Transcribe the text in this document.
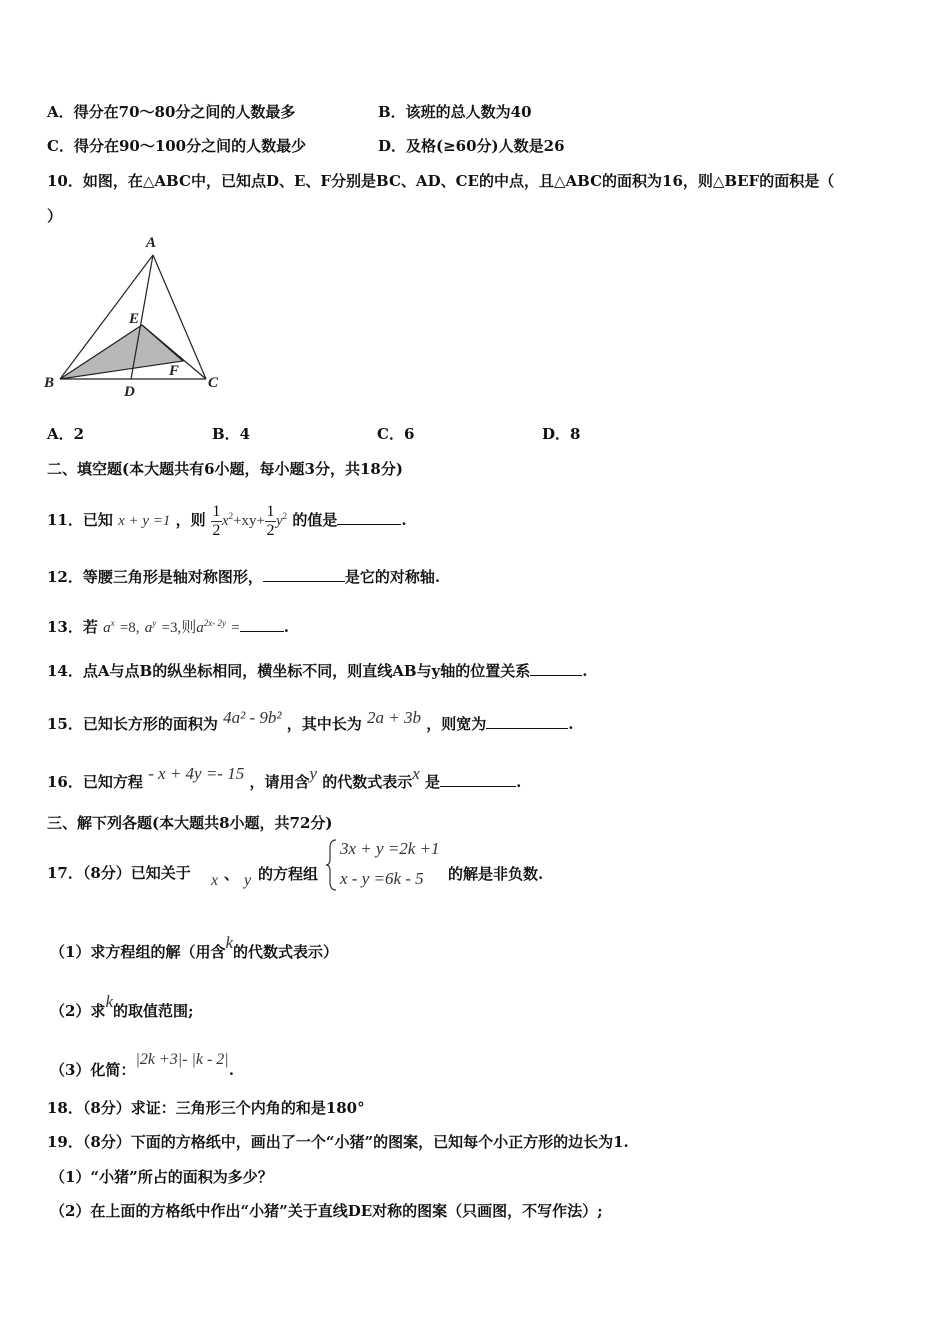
A．得分在70～80分之间的人数最多	B．该班的总人数为40
C．得分在90～100分之间的人数最少	D．及格(≥60分)人数是26
10．如图，在△ABC中，已知点D、E、F分别是BC、AD、CE的中点，且△ABC的面积为16，则△BEF的面积是（
）
A
B	C
D
E
F
A．2	B．4	C．6	D．8
二、填空题(本大题共有6小题，每小题3分，共18分)
11．已知 x + y =1 ，则 $\frac{1}{2} x^2+xy+ \frac{1}{2} y^2$ 的值是	.
12．等腰三角形是轴对称图形，	是它的对称轴.
13．若 $a^x =8$, $a^y =3$,则$a^{2x- 2y}$ =	.
14．点A与点B的纵坐标相同，横坐标不同，则直线AB与y轴的位置关系	.
15．已知长方形的面积为 4a² - 9b² ，其中长为 2a + 3b ，则宽为	.
16．已知方程 - x + 4y =- 15 ，请用含y 的代数式表示x 是	.
三、解下列各题(本大题共8小题，共72分)
17．（8分）已知关于 x 、 y 的方程组
3x + y =2k +1
x - y =6k - 5 的解是非负数.
（1）求方程组的解（用含k的代数式表示）
（2）求k的取值范围;
（3）化简：|2k +3|- |k - 2|.
18．（8分）求证：三角形三个内角的和是180°
19．（8分）下面的方格纸中，画出了一个“小猪”的图案，已知每个小正方形的边长为1.
（1）“小猪”所占的面积为多少？
（2）在上面的方格纸中作出“小猪”关于直线DE对称的图案（只画图，不写作法）;
